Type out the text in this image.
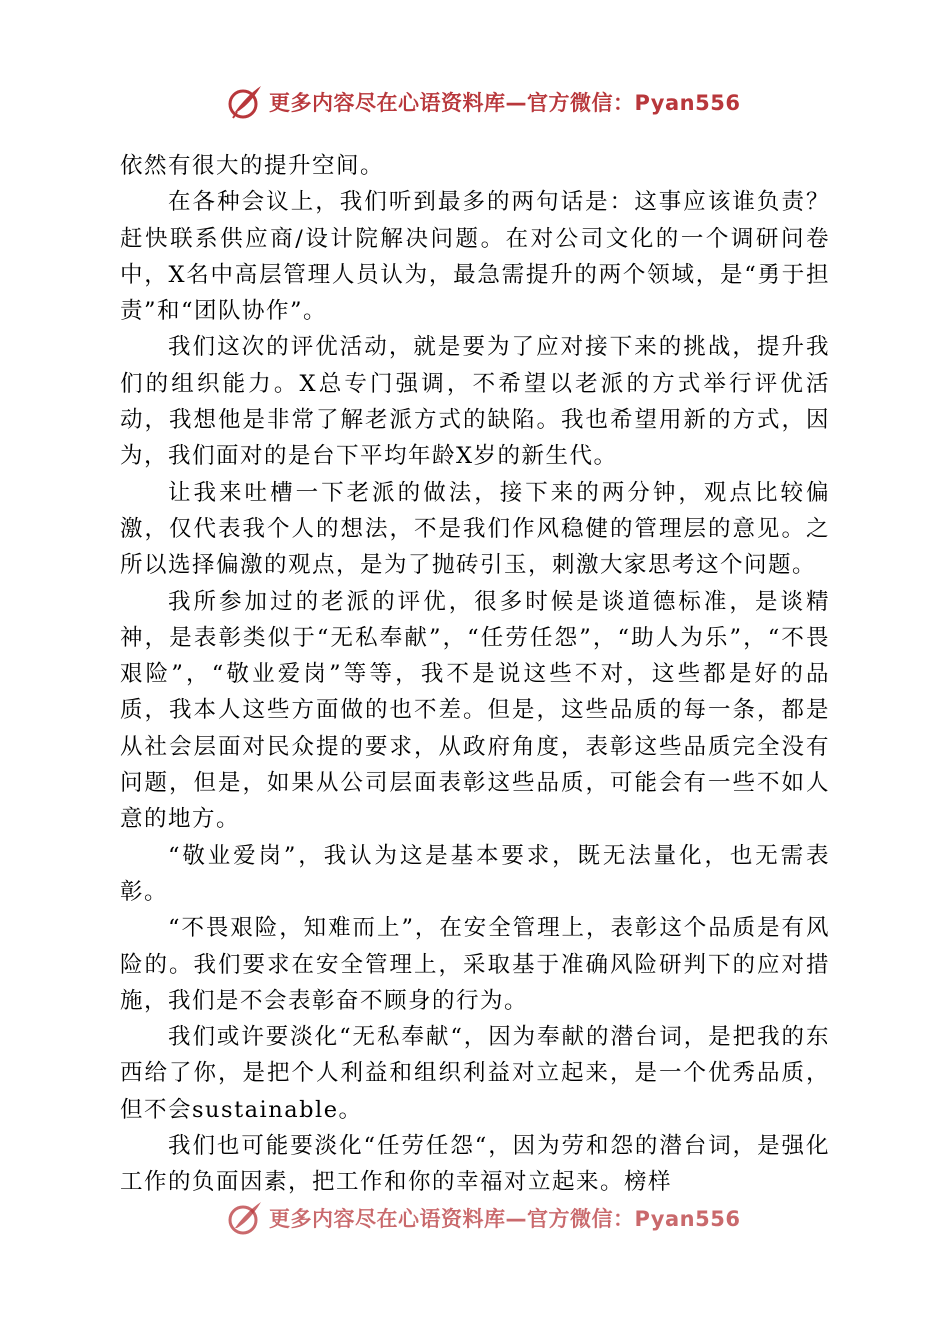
更多内容尽在心语资料库—官方微信：Pyan556

依然有很大的提升空间。

在各种会议上，我们听到最多的两句话是：这事应该谁负责？赶快联系供应商/设计院解决问题。在对公司文化的一个调研问卷中，X名中高层管理人员认为，最急需提升的两个领域，是“勇于担责”和“团队协作”。

我们这次的评优活动，就是要为了应对接下来的挑战，提升我们的组织能力。X总专门强调，不希望以老派的方式举行评优活动，我想他是非常了解老派方式的缺陷。我也希望用新的方式，因为，我们面对的是台下平均年龄X岁的新生代。

让我来吐槽一下老派的做法，接下来的两分钟，观点比较偏激，仅代表我个人的想法，不是我们作风稳健的管理层的意见。之所以选择偏激的观点，是为了抛砖引玉，刺激大家思考这个问题。

我所参加过的老派的评优，很多时候是谈道德标准，是谈精神，是表彰类似于“无私奉献”，“任劳任怨”，“助人为乐”，“不畏艰险”，“敬业爱岗”等等，我不是说这些不对，这些都是好的品质，我本人这些方面做的也不差。但是，这些品质的每一条，都是从社会层面对民众提的要求，从政府角度，表彰这些品质完全没有问题，但是，如果从公司层面表彰这些品质，可能会有一些不如人意的地方。

“敬业爱岗”，我认为这是基本要求，既无法量化，也无需表彰。

“不畏艰险，知难而上”，在安全管理上，表彰这个品质是有风险的。我们要求在安全管理上，采取基于准确风险研判下的应对措施，我们是不会表彰奋不顾身的行为。

我们或许要淡化“无私奉献“，因为奉献的潜台词，是把我的东西给了你，是把个人利益和组织利益对立起来，是一个优秀品质，但不会sustainable。

我们也可能要淡化“任劳任怨“，因为劳和怨的潜台词，是强化工作的负面因素，把工作和你的幸福对立起来。榜样

更多内容尽在心语资料库—官方微信：Pyan556
